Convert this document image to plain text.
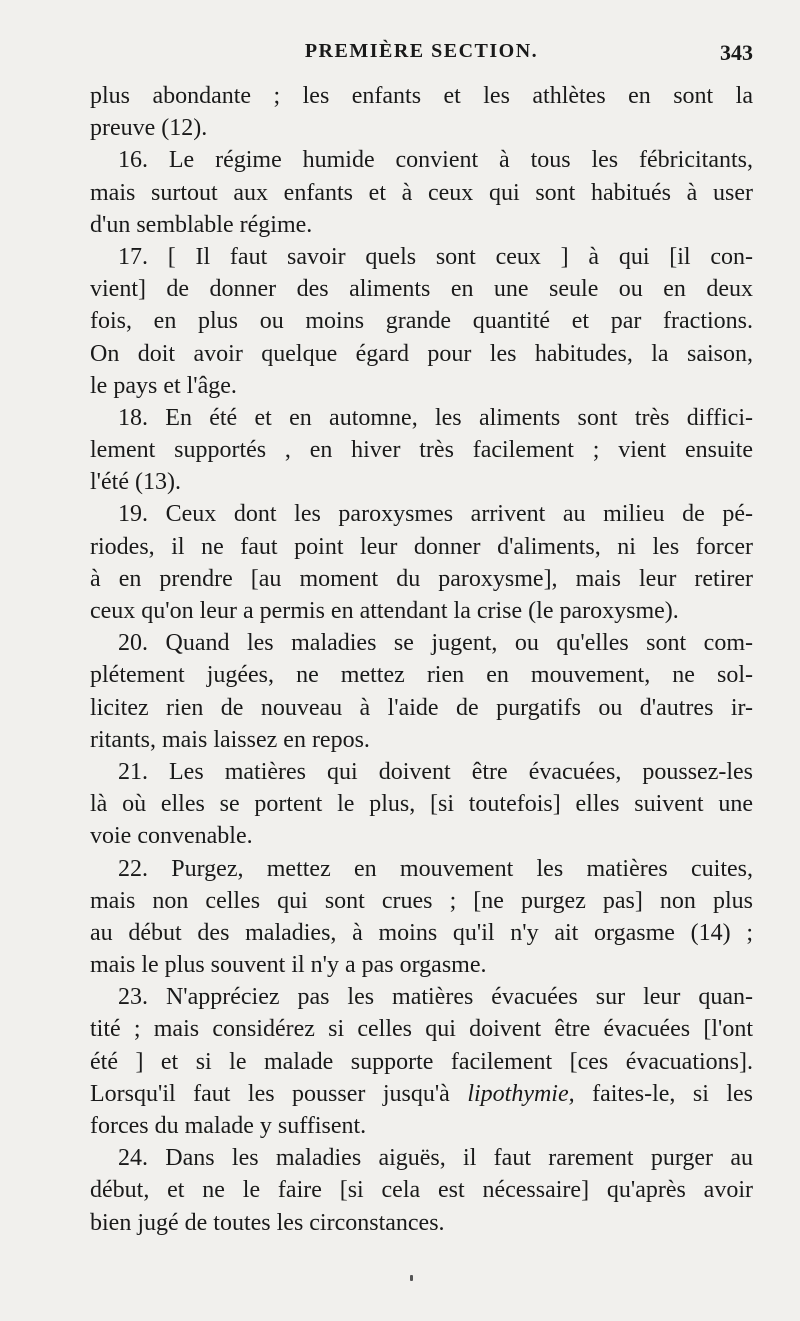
PREMIÈRE SECTION.	343
plus abondante ; les enfants et les athlètes en sont la
preuve (12).
16. Le régime humide convient à tous les fébricitants,
mais surtout aux enfants et à ceux qui sont habitués à user
d'un semblable régime.
17. [ Il faut savoir quels sont ceux ] à qui [il con-
vient] de donner des aliments en une seule ou en deux
fois, en plus ou moins grande quantité et par fractions.
On doit avoir quelque égard pour les habitudes, la saison,
le pays et l'âge.
18. En été et en automne, les aliments sont très diffici-
lement supportés , en hiver très facilement ; vient ensuite
l'été (13).
19. Ceux dont les paroxysmes arrivent au milieu de pé-
riodes, il ne faut point leur donner d'aliments, ni les forcer
à en prendre [au moment du paroxysme], mais leur retirer
ceux qu'on leur a permis en attendant la crise (le paroxysme).
20. Quand les maladies se jugent, ou qu'elles sont com-
plétement jugées, ne mettez rien en mouvement, ne sol-
licitez rien de nouveau à l'aide de purgatifs ou d'autres ir-
ritants, mais laissez en repos.
21. Les matières qui doivent être évacuées, poussez-les
là où elles se portent le plus, [si toutefois] elles suivent une
voie convenable.
22. Purgez, mettez en mouvement les matières cuites,
mais non celles qui sont crues ; [ne purgez pas] non plus
au début des maladies, à moins qu'il n'y ait orgasme (14) ;
mais le plus souvent il n'y a pas orgasme.
23. N'appréciez pas les matières évacuées sur leur quan-
tité ; mais considérez si celles qui doivent être évacuées [l'ont
été ] et si le malade supporte facilement [ces évacuations].
Lorsqu'il faut les pousser jusqu'à lipothymie, faites-le, si les
forces du malade y suffisent.
24. Dans les maladies aiguës, il faut rarement purger au
début, et ne le faire [si cela est nécessaire] qu'après avoir
bien jugé de toutes les circonstances.
